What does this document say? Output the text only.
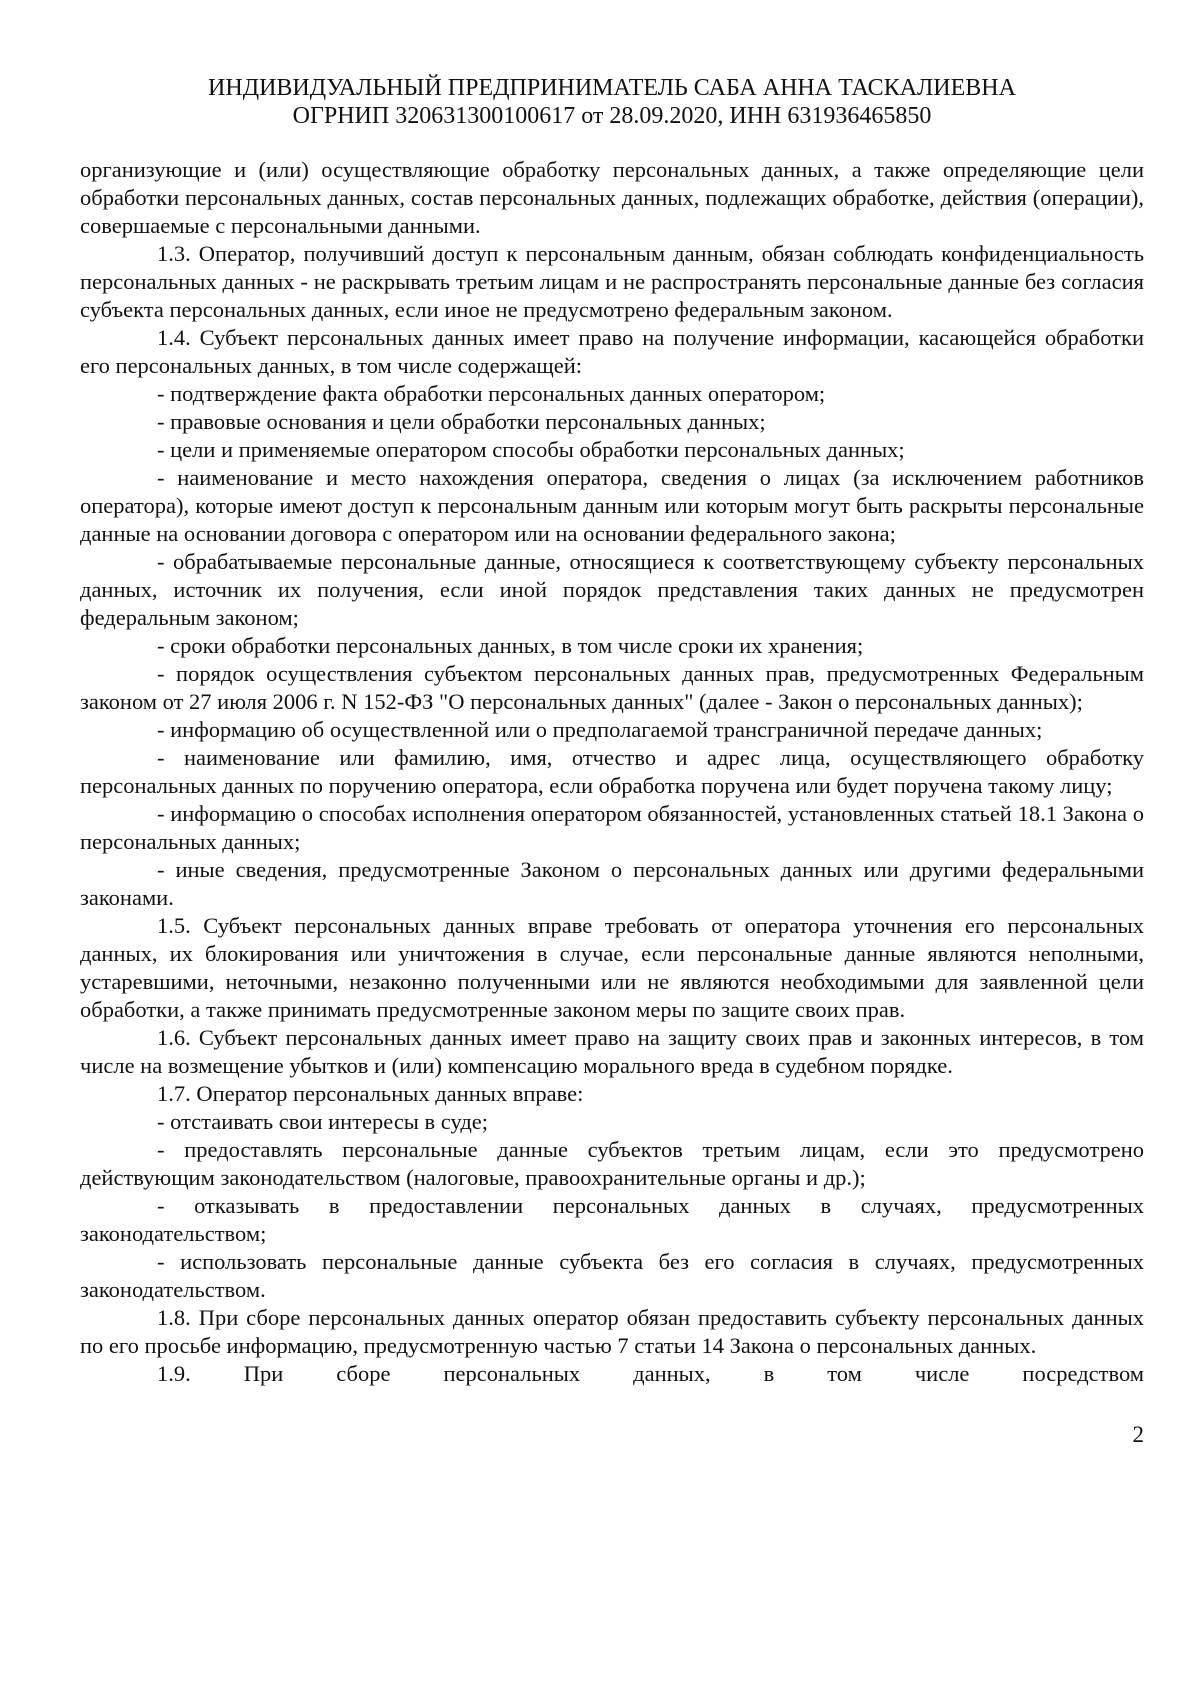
ИНДИВИДУАЛЬНЫЙ ПРЕДПРИНИМАТЕЛЬ САБА АННА ТАСКАЛИЕВНА
ОГРНИП 320631300100617 от 28.09.2020, ИНН 631936465850

организующие и (или) осуществляющие обработку персональных данных, а также определяющие цели обработки персональных данных, состав персональных данных, подлежащих обработке, действия (операции), совершаемые с персональными данными.

1.3. Оператор, получивший доступ к персональным данным, обязан соблюдать конфиденциальность персональных данных - не раскрывать третьим лицам и не распространять персональные данные без согласия субъекта персональных данных, если иное не предусмотрено федеральным законом.

1.4. Субъект персональных данных имеет право на получение информации, касающейся обработки его персональных данных, в том числе содержащей:

- подтверждение факта обработки персональных данных оператором;

- правовые основания и цели обработки персональных данных;

- цели и применяемые оператором способы обработки персональных данных;

- наименование и место нахождения оператора, сведения о лицах (за исключением работников оператора), которые имеют доступ к персональным данным или которым могут быть раскрыты персональные данные на основании договора с оператором или на основании федерального закона;

- обрабатываемые персональные данные, относящиеся к соответствующему субъекту персональных данных, источник их получения, если иной порядок представления таких данных не предусмотрен федеральным законом;

- сроки обработки персональных данных, в том числе сроки их хранения;

- порядок осуществления субъектом персональных данных прав, предусмотренных Федеральным законом от 27 июля 2006 г. N 152-ФЗ "О персональных данных" (далее - Закон о персональных данных);

- информацию об осуществленной или о предполагаемой трансграничной передаче данных;

- наименование или фамилию, имя, отчество и адрес лица, осуществляющего обработку персональных данных по поручению оператора, если обработка поручена или будет поручена такому лицу;

- информацию о способах исполнения оператором обязанностей, установленных статьей 18.1 Закона о персональных данных;

- иные сведения, предусмотренные Законом о персональных данных или другими федеральными законами.

1.5. Субъект персональных данных вправе требовать от оператора уточнения его персональных данных, их блокирования или уничтожения в случае, если персональные данные являются неполными, устаревшими, неточными, незаконно полученными или не являются необходимыми для заявленной цели обработки, а также принимать предусмотренные законом меры по защите своих прав.

1.6. Субъект персональных данных имеет право на защиту своих прав и законных интересов, в том числе на возмещение убытков и (или) компенсацию морального вреда в судебном порядке.

1.7. Оператор персональных данных вправе:

- отстаивать свои интересы в суде;

- предоставлять персональные данные субъектов третьим лицам, если это предусмотрено действующим законодательством (налоговые, правоохранительные органы и др.);

- отказывать в предоставлении персональных данных в случаях, предусмотренных законодательством;

- использовать персональные данные субъекта без его согласия в случаях, предусмотренных законодательством.

1.8. При сборе персональных данных оператор обязан предоставить субъекту персональных данных по его просьбе информацию, предусмотренную частью 7 статьи 14 Закона о персональных данных.

1.9. При сборе персональных данных, в том числе посредством

2
